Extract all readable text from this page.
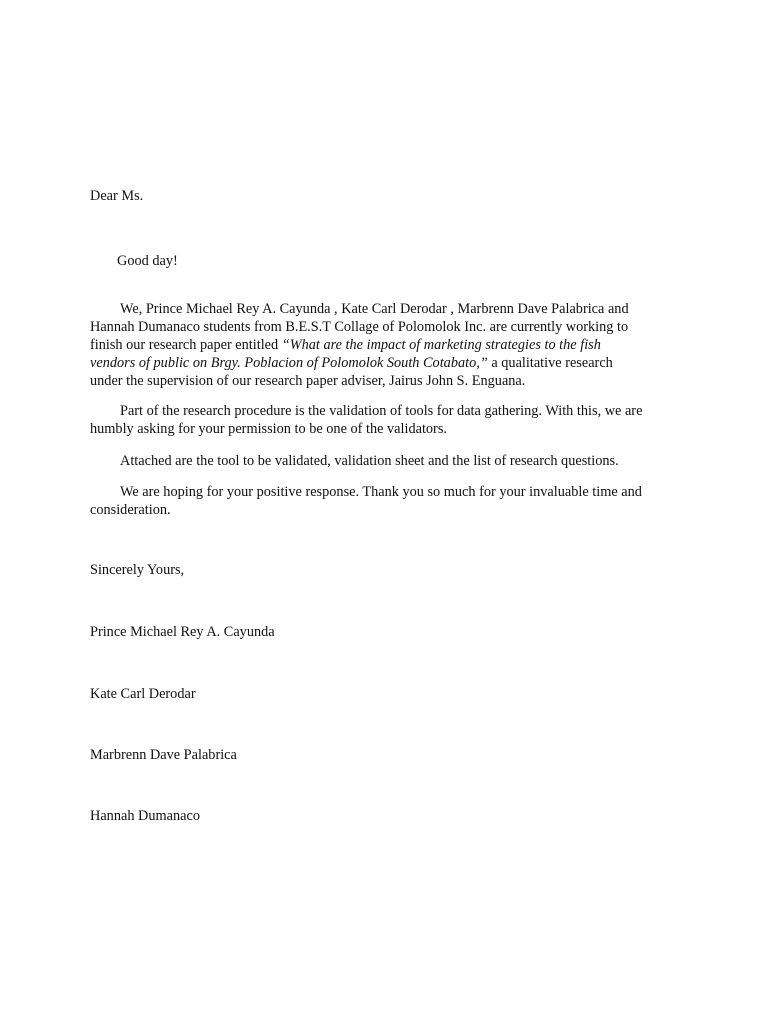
Dear Ms.
Good day!
We, Prince Michael Rey A. Cayunda , Kate Carl Derodar , Marbrenn Dave Palabrica and
Hannah Dumanaco students from B.E.S.T Collage of Polomolok Inc. are currently working to
finish our research paper entitled “What are the impact of marketing strategies to the fish
vendors of public on Brgy. Poblacion of Polomolok South Cotabato,” a qualitative research
under the supervision of our research paper adviser, Jairus John S. Enguana.
Part of the research procedure is the validation of tools for data gathering. With this, we are
humbly asking for your permission to be one of the validators.
Attached are the tool to be validated, validation sheet and the list of research questions.
We are hoping for your positive response. Thank you so much for your invaluable time and
consideration.
Sincerely Yours,
Prince Michael Rey A. Cayunda
Kate Carl Derodar
Marbrenn Dave Palabrica
Hannah Dumanaco
